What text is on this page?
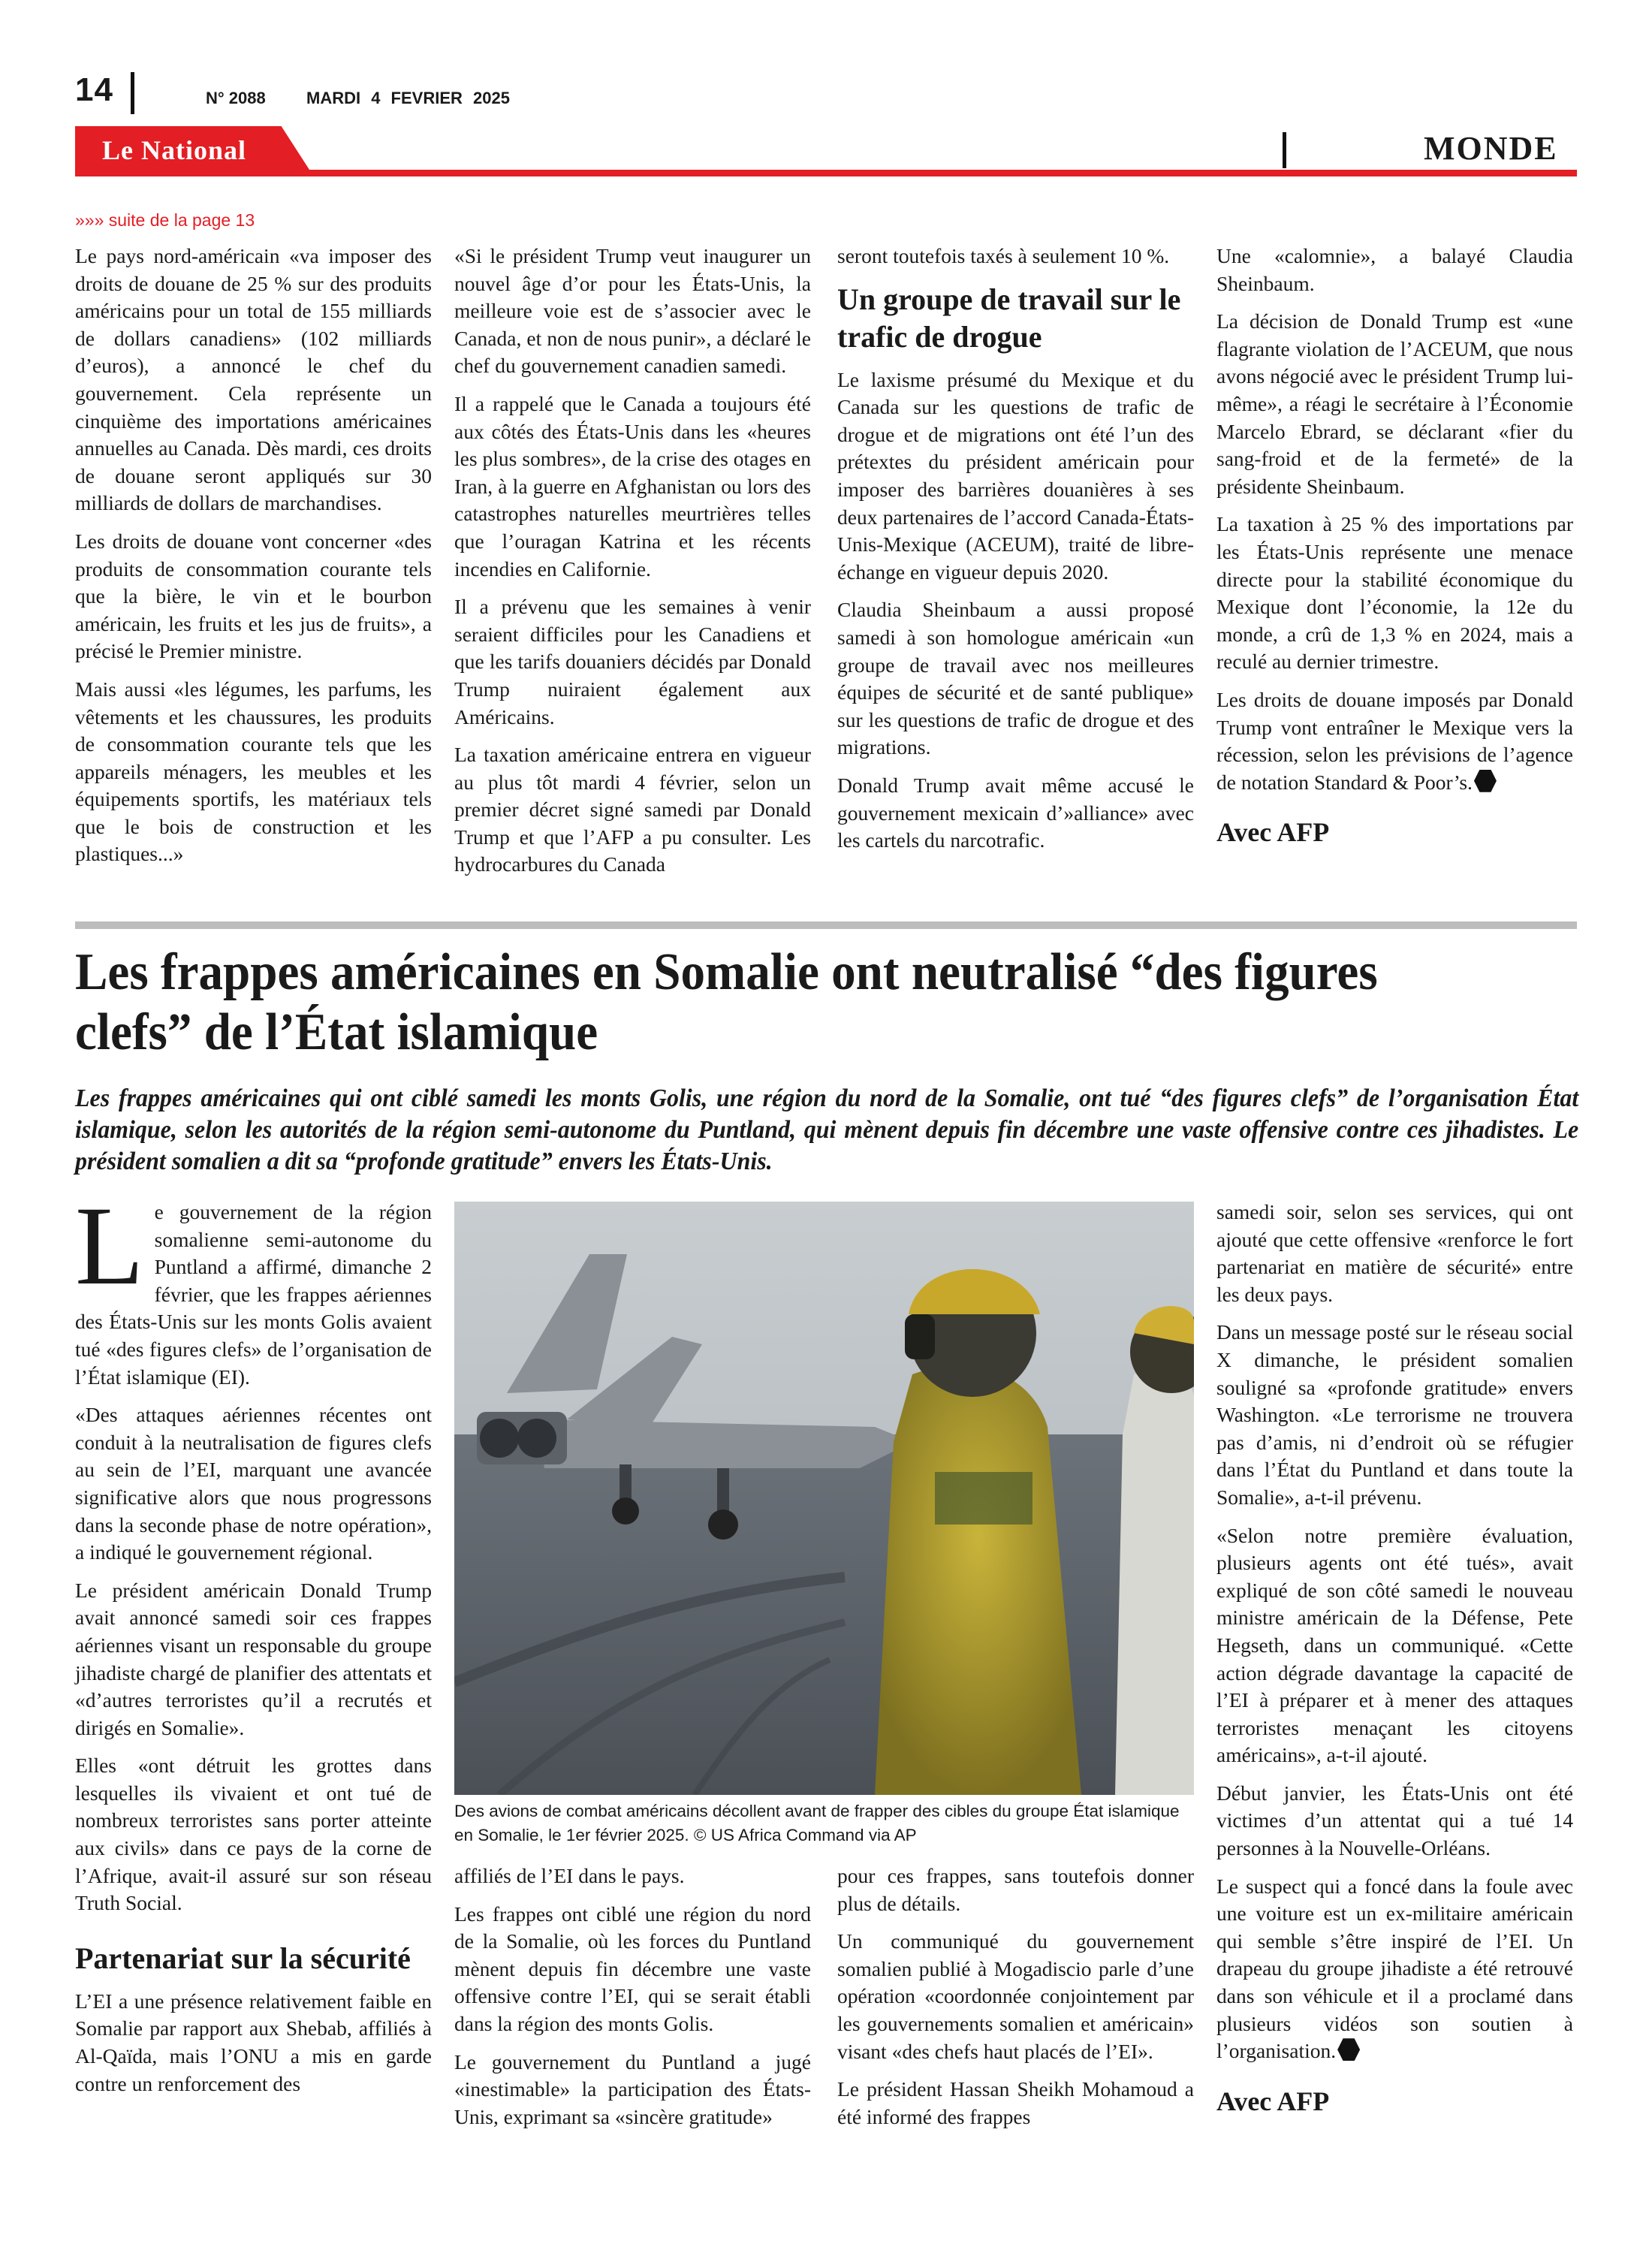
14	N° 2088 MARDI 4 FEVRIER 2025
Le National	MONDE
»»» suite de la page 13

Le pays nord-américain «va imposer des droits de douane de 25 % sur des produits américains pour un total de 155 milliards de dollars canadiens» (102 milliards d’euros), a annoncé le chef du gouvernement. Cela représente un cinquième des importations américaines annuelles au Canada. Dès mardi, ces droits de douane seront appliqués sur 30 milliards de dollars de marchandises.

Les droits de douane vont concerner «des produits de consommation courante tels que la bière, le vin et le bourbon américain, les fruits et les jus de fruits», a précisé le Premier ministre.

Mais aussi «les légumes, les parfums, les vêtements et les chaussures, les produits de consommation courante tels que les appareils ménagers, les meubles et les équipements sportifs, les matériaux tels que le bois de construction et les plastiques...»

«Si le président Trump veut inaugurer un nouvel âge d’or pour les États-Unis, la meilleure voie est de s’associer avec le Canada, et non de nous punir», a déclaré le chef du gouvernement canadien samedi.

Il a rappelé que le Canada a toujours été aux côtés des États-Unis dans les «heures les plus sombres», de la crise des otages en Iran, à la guerre en Afghanistan ou lors des catastrophes naturelles meurtrières telles que l’ouragan Katrina et les récents incendies en Californie.

Il a prévenu que les semaines à venir seraient difficiles pour les Canadiens et que les tarifs douaniers décidés par Donald Trump nuiraient également aux Américains.

La taxation américaine entrera en vigueur au plus tôt mardi 4 février, selon un premier décret signé samedi par Donald Trump et que l’AFP a pu consulter. Les hydrocarbures du Canada

seront toutefois taxés à seulement 10 %.

Un groupe de travail sur le trafic de drogue

Le laxisme présumé du Mexique et du Canada sur les questions de trafic de drogue et de migrations ont été l’un des prétextes du président américain pour imposer des barrières douanières à ses deux partenaires de l’accord Canada-États-Unis-Mexique (ACEUM), traité de libre-échange en vigueur depuis 2020.

Claudia Sheinbaum a aussi proposé samedi à son homologue américain «un groupe de travail avec nos meilleures équipes de sécurité et de santé publique» sur les questions de trafic de drogue et des migrations.

Donald Trump avait même accusé le gouvernement mexicain d’»alliance» avec les cartels du narcotrafic.

Une «calomnie», a balayé Claudia Sheinbaum.

La décision de Donald Trump est «une flagrante violation de l’ACEUM, que nous avons négocié avec le président Trump lui-même», a réagi le secrétaire à l’Économie Marcelo Ebrard, se déclarant «fier du sang-froid et de la fermeté» de la présidente Sheinbaum.

La taxation à 25 % des importations par les États-Unis représente une menace directe pour la stabilité économique du Mexique dont l’économie, la 12e du monde, a crû de 1,3 % en 2024, mais a reculé au dernier trimestre.

Les droits de douane imposés par Donald Trump vont entraîner le Mexique vers la récession, selon les prévisions de l’agence de notation Standard & Poor’s.

Avec AFP
Les frappes américaines en Somalie ont neutralisé “des figures clefs” de l’État islamique
Les frappes américaines qui ont ciblé samedi les monts Golis, une région du nord de la Somalie, ont tué “des figures clefs” de l’organisation État islamique, selon les autorités de la région semi-autonome du Puntland, qui mènent depuis fin décembre une vaste offensive contre ces jihadistes. Le président somalien a dit sa “profonde gratitude” envers les États-Unis.

Le gouvernement de la région somalienne semi-autonome du Puntland a affirmé, dimanche 2 février, que les frappes aériennes des États-Unis sur les monts Golis avaient tué «des figures clefs» de l’organisation de l’État islamique (EI).

«Des attaques aériennes récentes ont conduit à la neutralisation de figures clefs au sein de l’EI, marquant une avancée significative alors que nous progressons dans la seconde phase de notre opération», a indiqué le gouvernement régional.

Le président américain Donald Trump avait annoncé samedi soir ces frappes aériennes visant un responsable du groupe jihadiste chargé de planifier des attentats et «d’autres terroristes qu’il a recrutés et dirigés en Somalie».

Elles «ont détruit les grottes dans lesquelles ils vivaient et ont tué de nombreux terroristes sans porter atteinte aux civils» dans ce pays de la corne de l’Afrique, avait-il assuré sur son réseau Truth Social.

Partenariat sur la sécurité

L’EI a une présence relativement faible en Somalie par rapport aux Shebab, affiliés à Al-Qaïda, mais l’ONU a mis en garde contre un renforcement des

Des avions de combat américains décollent avant de frapper des cibles du groupe État islamique en Somalie, le 1er février 2025. © US Africa Command via AP

affiliés de l’EI dans le pays.

Les frappes ont ciblé une région du nord de la Somalie, où les forces du Puntland mènent depuis fin décembre une vaste offensive contre l’EI, qui se serait établi dans la région des monts Golis.

Le gouvernement du Puntland a jugé «inestimable» la participation des États-Unis, exprimant sa «sincère gratitude»

pour ces frappes, sans toutefois donner plus de détails.

Un communiqué du gouvernement somalien publié à Mogadiscio parle d’une opération «coordonnée conjointement par les gouvernements somalien et américain» visant «des chefs haut placés de l’EI».

Le président Hassan Sheikh Mohamoud a été informé des frappes

samedi soir, selon ses services, qui ont ajouté que cette offensive «renforce le fort partenariat en matière de sécurité» entre les deux pays.

Dans un message posté sur le réseau social X dimanche, le président somalien souligné sa «profonde gratitude» envers Washington. «Le terrorisme ne trouvera pas d’amis, ni d’endroit où se réfugier dans l’État du Puntland et dans toute la Somalie», a-t-il prévenu.

«Selon notre première évaluation, plusieurs agents ont été tués», avait expliqué de son côté samedi le nouveau ministre américain de la Défense, Pete Hegseth, dans un communiqué. «Cette action dégrade davantage la capacité de l’EI à préparer et à mener des attaques terroristes menaçant les citoyens américains», a-t-il ajouté.

Début janvier, les États-Unis ont été victimes d’un attentat qui a tué 14 personnes à la Nouvelle-Orléans.

Le suspect qui a foncé dans la foule avec une voiture est un ex-militaire américain qui semble s’être inspiré de l’EI. Un drapeau du groupe jihadiste a été retrouvé dans son véhicule et il a proclamé dans plusieurs vidéos son soutien à l’organisation.

Avec AFP
